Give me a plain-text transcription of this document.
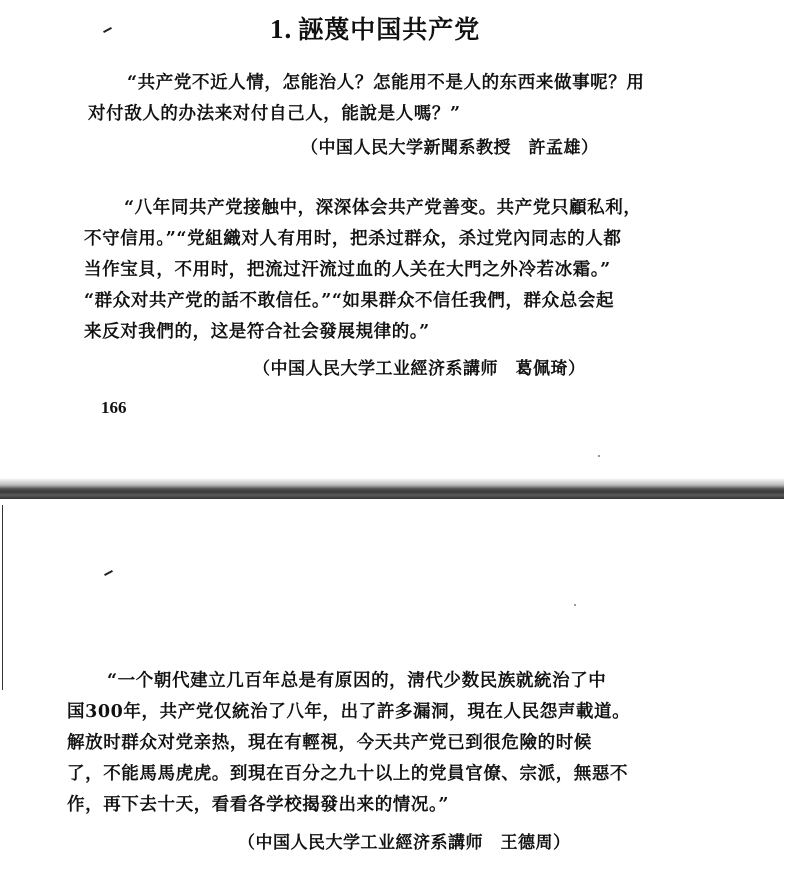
1. 誣蔑中国共产党
“共产党不近人情，怎能治人？怎能用不是人的东西来做事呢？用
对付敌人的办法来对付自己人，能說是人嗎？”
（中国人民大学新聞系教授　許孟雄）
“八年同共产党接触中，深深体会共产党善变。共产党只顧私利，
不守信用。”“党組織对人有用时，把杀过群众，杀过党內同志的人都
当作宝貝，不用时，把流过汗流过血的人关在大門之外冷若冰霜。”
“群众对共产党的話不敢信任。”“如果群众不信任我們，群众总会起
来反对我們的，这是符合社会發展規律的。”
（中国人民大学工业經济系講师　葛佩琦）
166
“一个朝代建立几百年总是有原因的，淸代少数民族就統治了中
国300年，共产党仅統治了八年，出了許多漏洞，現在人民怨声載道。
解放时群众对党亲热，現在有輕視，今天共产党已到很危險的时候
了，不能馬馬虎虎。到現在百分之九十以上的党員官僚、宗派，無惡不
作，再下去十天，看看各学校揭發出来的情况。”
（中国人民大学工业經济系講师　王德周）
